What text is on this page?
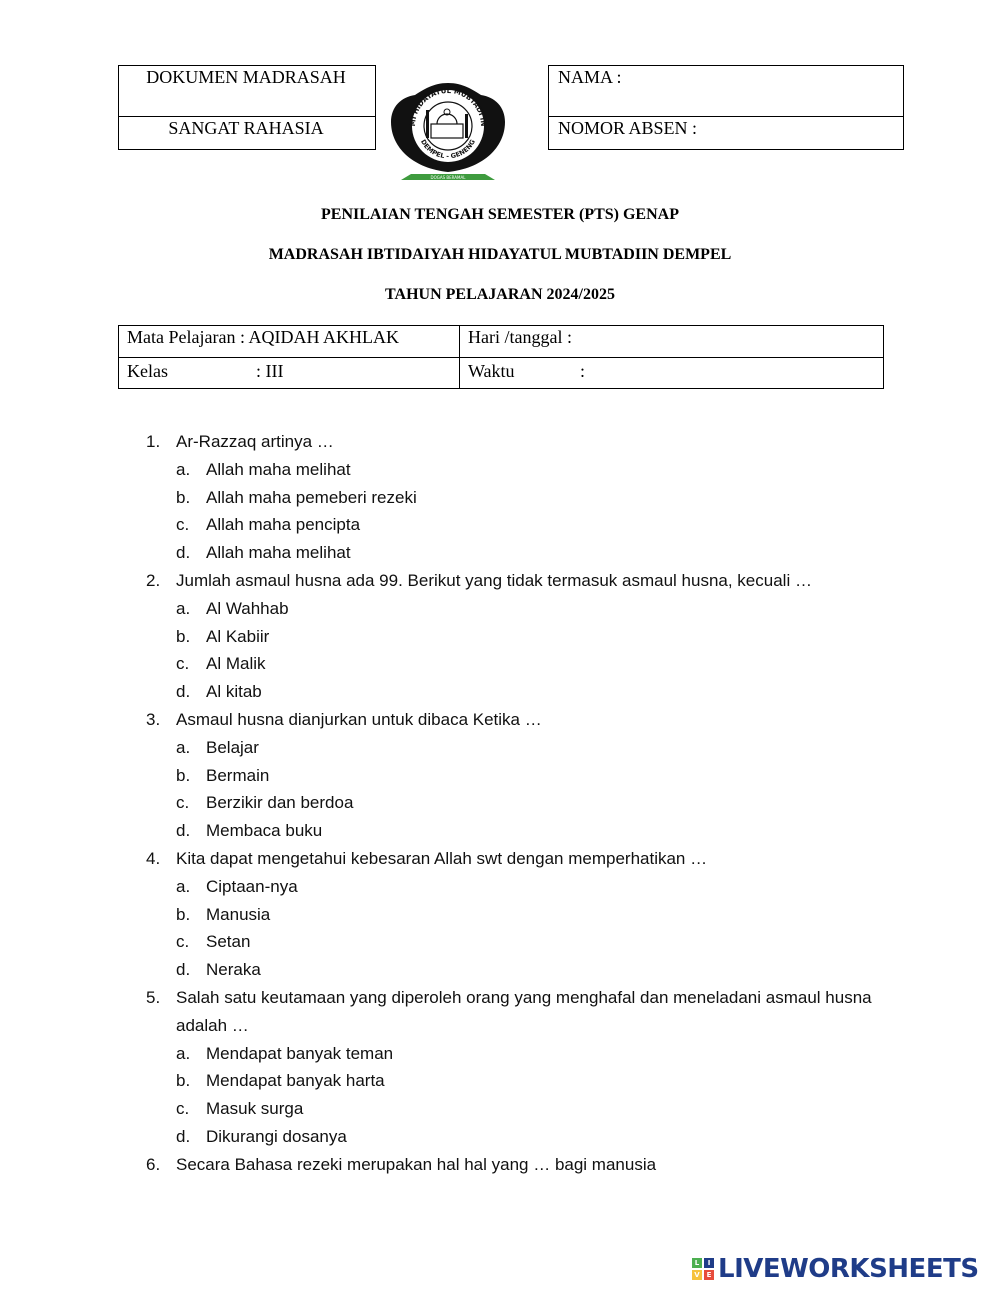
DOKUMEN MADRASAH
SANGAT RAHASIA	MI HIDAYATUL MUBTADI'IN
DEMPEL - GENENG
DOGAS BERAMAL
NAMA :
NOMOR ABSEN :
PENILAIAN TENGAH SEMESTER (PTS) GENAP
MADRASAH IBTIDAIYAH HIDAYATUL MUBTADIIN DEMPEL
TAHUN PELAJARAN 2024/2025
Mata Pelajaran : AQIDAH AKHLAK	Hari /tanggal :
Kelas	: III	Waktu	:
1. Ar-Razzaq artinya …
a. Allah maha melihat
b. Allah maha pemeberi rezeki
c. Allah maha pencipta
d. Allah maha melihat
2. Jumlah asmaul husna ada 99. Berikut yang tidak termasuk asmaul husna, kecuali …
a. Al Wahhab
b. Al Kabiir
c. Al Malik
d. Al kitab
3. Asmaul husna dianjurkan untuk dibaca Ketika …
a. Belajar
b. Bermain
c. Berzikir dan berdoa
d. Membaca buku
4. Kita dapat mengetahui kebesaran Allah swt dengan memperhatikan …
a. Ciptaan-nya
b. Manusia
c. Setan
d. Neraka
5. Salah satu keutamaan yang diperoleh orang yang menghafal dan meneladani asmaul husna adalah …
a. Mendapat banyak teman
b. Mendapat banyak harta
c. Masuk surga
d. Dikurangi dosanya
6. Secara Bahasa rezeki merupakan hal hal yang … bagi manusia
L	I
V E LIVEWORKSHEETS
